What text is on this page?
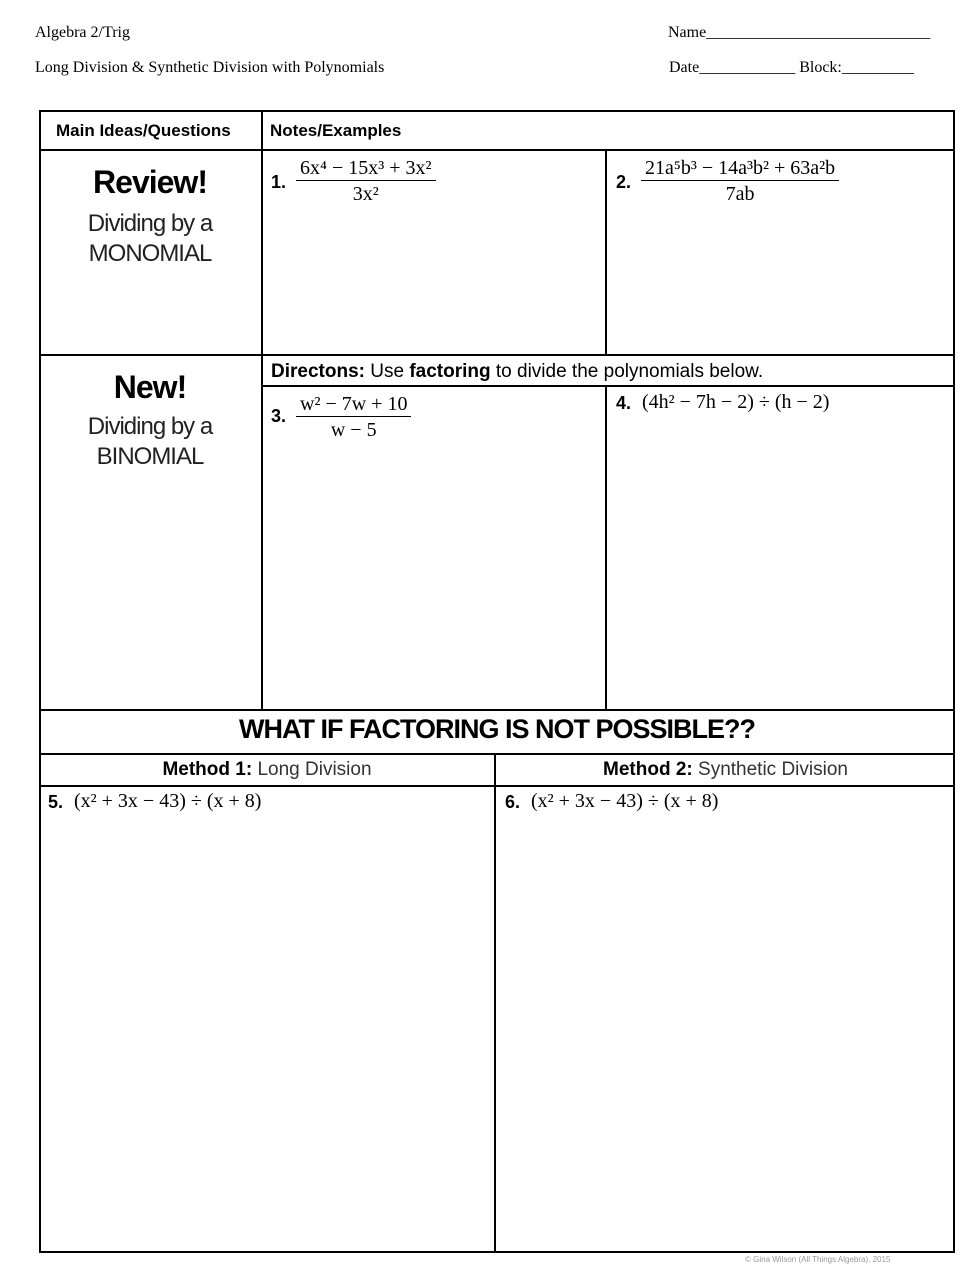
Algebra 2/Trig
Long Division & Synthetic Division with Polynomials
Name____________________________
Date____________ Block:_________
Main Ideas/Questions Notes/Examples
Review!
Dividing by a
MONOMIAL
1. $\frac{\text{6x⁴ − 15x³ + 3x²}}{\text{3x²}}$	2. $\frac{\text{21a⁵b³ − 14a³b² + 63a²b}}{7ab}$
New!
Dividing by a
BINOMIAL
Directons: Use factoring to divide the polynomials below.
3. $\frac{\text{w² − 7w + 10}}{w - 5}$	4. (4h² − 7h − 2) ÷ (h − 2)
WHAT IF FACTORING IS NOT POSSIBLE??
Method 1: Long Division	Method 2: Synthetic Division
5. (x² + 3x − 43) ÷ (x + 8)	6. (x² + 3x − 43) ÷ (x + 8)
© Gina Wilson (All Things Algebra), 2015
